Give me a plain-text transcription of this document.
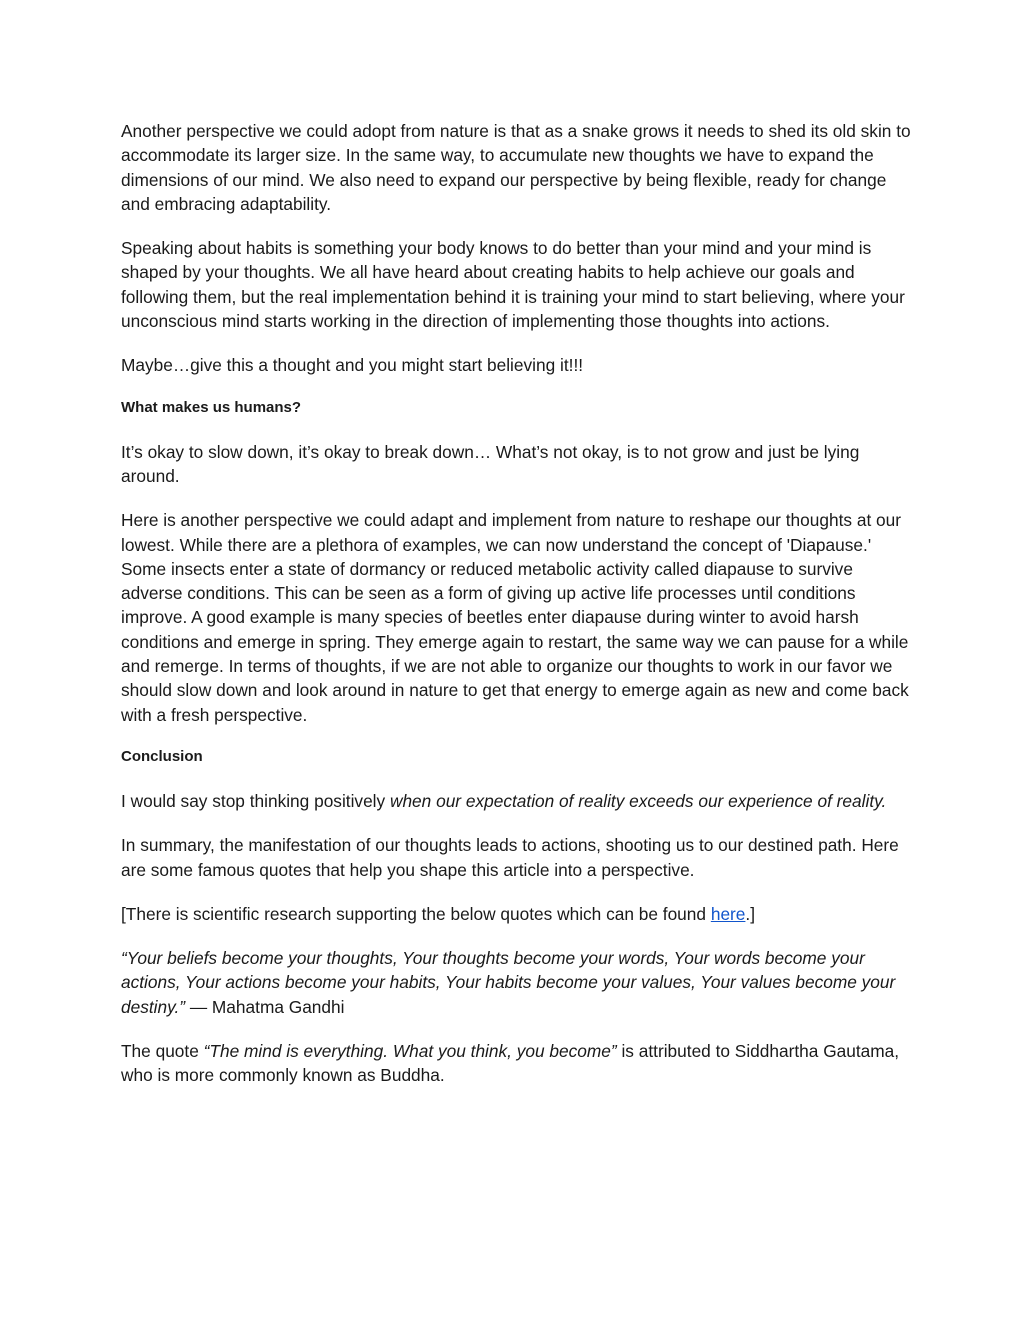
Another perspective we could adopt from nature is that as a snake grows it needs to shed its old skin to accommodate its larger size. In the same way, to accumulate new thoughts we have to expand the dimensions of our mind. We also need to expand our perspective by being flexible, ready for change and embracing adaptability.

Speaking about habits is something your body knows to do better than your mind and your mind is shaped by your thoughts. We all have heard about creating habits to help achieve our goals and following them, but the real implementation behind it is training your mind to start believing, where your unconscious mind starts working in the direction of implementing those thoughts into actions.

Maybe…give this a thought and you might start believing it!!!

What makes us humans?

It’s okay to slow down, it’s okay to break down… What’s not okay, is to not grow and just be lying around.

Here is another perspective we could adapt and implement from nature to reshape our thoughts at our lowest. While there are a plethora of examples, we can now understand the concept of 'Diapause.' Some insects enter a state of dormancy or reduced metabolic activity called diapause to survive adverse conditions. This can be seen as a form of giving up active life processes until conditions improve. A good example is many species of beetles enter diapause during winter to avoid harsh conditions and emerge in spring. They emerge again to restart, the same way we can pause for a while and remerge. In terms of thoughts, if we are not able to organize our thoughts to work in our favor we should slow down and look around in nature to get that energy to emerge again as new and come back with a fresh perspective.

Conclusion

I would say stop thinking positively when our expectation of reality exceeds our experience of reality.

In summary, the manifestation of our thoughts leads to actions, shooting us to our destined path. Here are some famous quotes that help you shape this article into a perspective.

[There is scientific research supporting the below quotes which can be found here.]

“Your beliefs become your thoughts, Your thoughts become your words, Your words become your actions, Your actions become your habits, Your habits become your values, Your values become your destiny.” — Mahatma Gandhi

The quote “The mind is everything. What you think, you become” is attributed to Siddhartha Gautama, who is more commonly known as Buddha.
